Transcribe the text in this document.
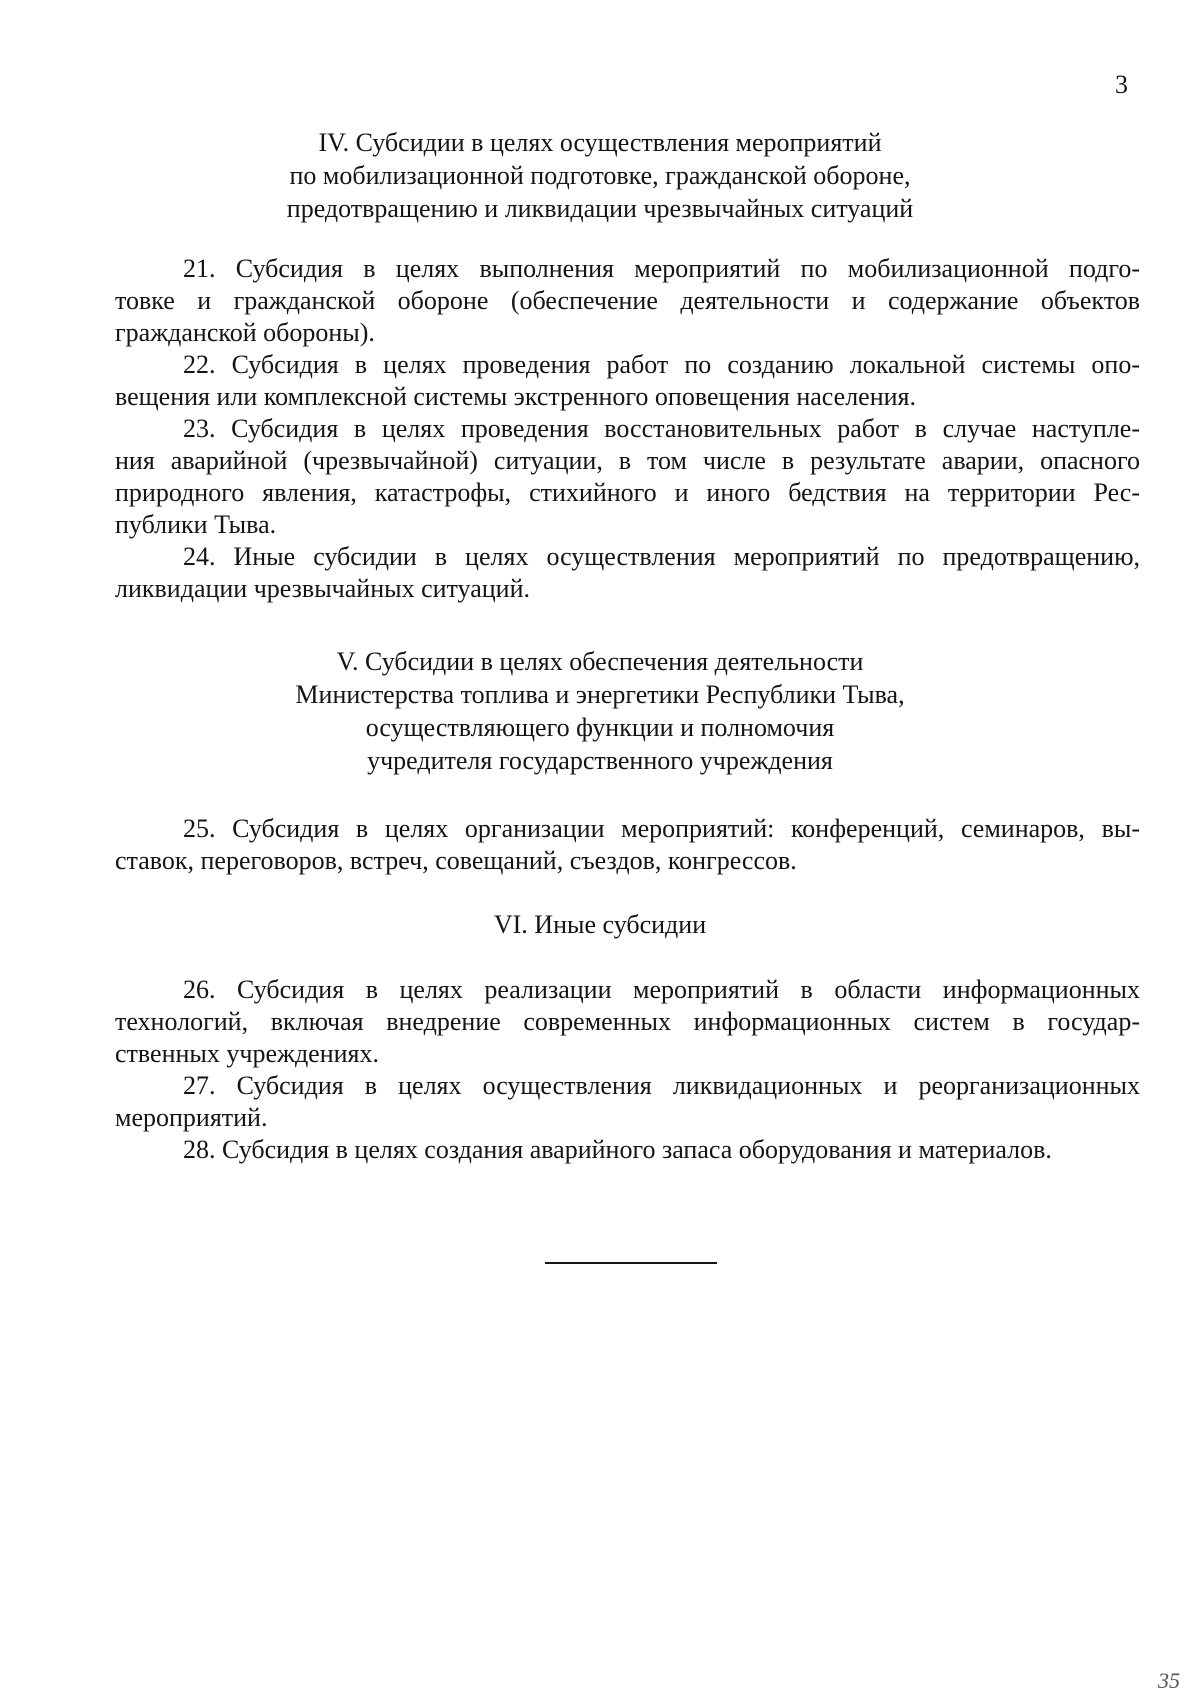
3
IV. Субсидии в целях осуществления мероприятий
по мобилизационной подготовке, гражданской обороне,
предотвращению и ликвидации чрезвычайных ситуаций
21. Субсидия в целях выполнения мероприятий по мобилизационной подго-
товке и гражданской обороне (обеспечение деятельности и содержание объектов
гражданской обороны).
22. Субсидия в целях проведения работ по созданию локальной системы опо-
вещения или комплексной системы экстренного оповещения населения.
23. Субсидия в целях проведения восстановительных работ в случае наступле-
ния аварийной (чрезвычайной) ситуации, в том числе в результате аварии, опасного
природного явления, катастрофы, стихийного и иного бедствия на территории Рес-
публики Тыва.
24. Иные субсидии в целях осуществления мероприятий по предотвращению,
ликвидации чрезвычайных ситуаций.
V. Субсидии в целях обеспечения деятельности
Министерства топлива и энергетики Республики Тыва,
осуществляющего функции и полномочия
учредителя государственного учреждения
25. Субсидия в целях организации мероприятий: конференций, семинаров, вы-
ставок, переговоров, встреч, совещаний, съездов, конгрессов.
VI. Иные субсидии
26. Субсидия в целях реализации мероприятий в области информационных
технологий, включая внедрение современных информационных систем в государ-
ственных учреждениях.
27. Субсидия в целях осуществления ликвидационных и реорганизационных
мероприятий.
28. Субсидия в целях создания аварийного запаса оборудования и материалов.
35
